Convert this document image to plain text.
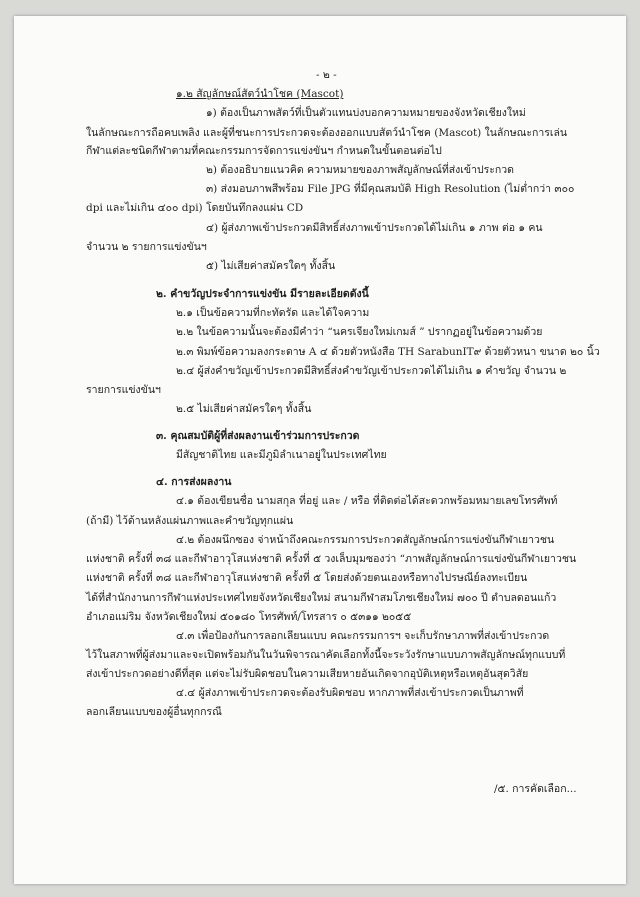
- ๒ -

๑.๒ สัญลักษณ์สัตว์นำโชค (Mascot)

๑) ต้องเป็นภาพสัตว์ที่เป็นตัวแทนบ่งบอกความหมายของจังหวัดเชียงใหม่

ในลักษณะการถือคบเพลิง และผู้ที่ชนะการประกวดจะต้องออกแบบสัตว์นำโชค (Mascot) ในลักษณะการเล่น

กีฬาแต่ละชนิดกีฬาตามที่คณะกรรมการจัดการแข่งขันฯ กำหนดในขั้นตอนต่อไป

๒) ต้องอธิบายแนวคิด ความหมายของภาพสัญลักษณ์ที่ส่งเข้าประกวด

๓) ส่งมอบภาพสีพร้อม File JPG ที่มีคุณสมบัติ High Resolution (ไม่ต่ำกว่า ๓๐๐

dpi และไม่เกิน ๔๐๐ dpi) โดยบันทึกลงแผ่น CD

๔) ผู้ส่งภาพเข้าประกวดมีสิทธิ์ส่งภาพเข้าประกวดได้ไม่เกิน ๑ ภาพ ต่อ ๑ คน

จำนวน ๒ รายการแข่งขันฯ

๕) ไม่เสียค่าสมัครใดๆ ทั้งสิ้น

๒. คำขวัญประจำการแข่งขัน มีรายละเอียดดังนี้

๒.๑ เป็นข้อความที่กะทัดรัด และได้ใจความ

๒.๒ ในข้อความนั้นจะต้องมีคำว่า “นครเจียงใหม่เกมส์ ” ปรากฏอยู่ในข้อความด้วย

๒.๓ พิมพ์ข้อความลงกระดาษ A ๔ ด้วยตัวหนังสือ TH SarabunIT๙ ด้วยตัวหนา ขนาด ๒๐ นิ้ว

๒.๔ ผู้ส่งคำขวัญเข้าประกวดมีสิทธิ์ส่งคำขวัญเข้าประกวดได้ไม่เกิน ๑ คำขวัญ จำนวน ๒

รายการแข่งขันฯ

๒.๕ ไม่เสียค่าสมัครใดๆ ทั้งสิ้น

๓. คุณสมบัติผู้ที่ส่งผลงานเข้าร่วมการประกวด

มีสัญชาติไทย และมีภูมิลำเนาอยู่ในประเทศไทย

๔. การส่งผลงาน

๔.๑ ต้องเขียนชื่อ นามสกุล ที่อยู่ และ / หรือ ที่ติดต่อได้สะดวกพร้อมหมายเลขโทรศัพท์

(ถ้ามี) ไว้ด้านหลังแผ่นภาพและคำขวัญทุกแผ่น

๔.๒ ต้องผนึกซอง จ่าหน้าถึงคณะกรรมการประกวดสัญลักษณ์การแข่งขันกีฬาเยาวชน

แห่งชาติ ครั้งที่ ๓๘ และกีฬาอาวุโสแห่งชาติ ครั้งที่ ๕ วงเล็บมุมซองว่า “ภาพสัญลักษณ์การแข่งขันกีฬาเยาวชน

แห่งชาติ ครั้งที่ ๓๘ และกีฬาอาวุโสแห่งชาติ ครั้งที่ ๕ โดยส่งด้วยตนเองหรือทางไปรษณีย์ลงทะเบียน

ได้ที่สำนักงานการกีฬาแห่งประเทศไทยจังหวัดเชียงใหม่ สนามกีฬาสมโภชเชียงใหม่ ๗๐๐ ปี ตำบลดอนแก้ว

อำเภอแม่ริม จังหวัดเชียงใหม่ ๕๐๑๘๐ โทรศัพท์/โทรสาร ๐ ๕๓๑๑ ๒๐๕๕

๔.๓ เพื่อป้องกันการลอกเลียนแบบ คณะกรรมการฯ จะเก็บรักษาภาพที่ส่งเข้าประกวด

ไว้ในสภาพที่ผู้ส่งมาและจะเปิดพร้อมกันในวันพิจารณาคัดเลือกทั้งนี้จะระวังรักษาแบบภาพสัญลักษณ์ทุกแบบที่

ส่งเข้าประกวดอย่างดีที่สุด แต่จะไม่รับผิดชอบในความเสียหายอันเกิดจากอุบัติเหตุหรือเหตุอันสุดวิสัย

๔.๔ ผู้ส่งภาพเข้าประกวดจะต้องรับผิดชอบ หากภาพที่ส่งเข้าประกวดเป็นภาพที่

ลอกเลียนแบบของผู้อื่นทุกกรณี

/๕. การคัดเลือก...
